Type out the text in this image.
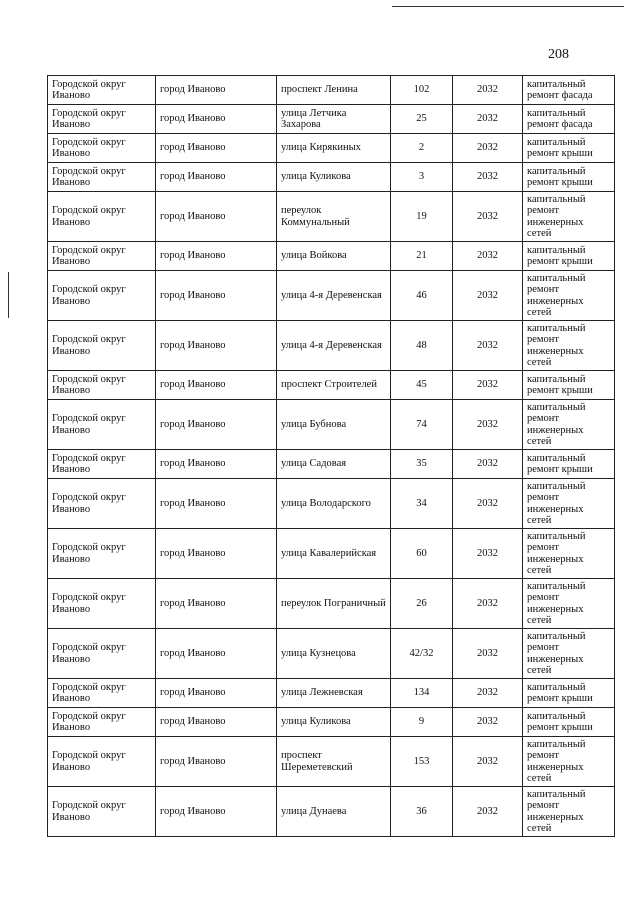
208
Городской округ Иваново	город Иваново	проспект Ленина	102	2032	капитальный ремонт фасада
Городской округ Иваново	город Иваново	улица Летчика Захарова	25	2032	капитальный ремонт фасада
Городской округ Иваново	город Иваново	улица Кирякиных	2	2032	капитальный ремонт крыши
Городской округ Иваново	город Иваново	улица Куликова	3	2032	капитальный ремонт крыши
Городской округ Иваново	город Иваново	переулок Коммунальный	19	2032	капитальный ремонт инженерных сетей
Городской округ Иваново	город Иваново	улица Войкова	21	2032	капитальный ремонт крыши
Городской округ Иваново	город Иваново	улица 4-я Деревенская	46	2032	капитальный ремонт инженерных сетей
Городской округ Иваново	город Иваново	улица 4-я Деревенская	48	2032	капитальный ремонт инженерных сетей
Городской округ Иваново	город Иваново	проспект Строителей	45	2032	капитальный ремонт крыши
Городской округ Иваново	город Иваново	улица Бубнова	74	2032	капитальный ремонт инженерных сетей
Городской округ Иваново	город Иваново	улица Садовая	35	2032	капитальный ремонт крыши
Городской округ Иваново	город Иваново	улица Володарского	34	2032	капитальный ремонт инженерных сетей
Городской округ Иваново	город Иваново	улица Кавалерийская	60	2032	капитальный ремонт инженерных сетей
Городской округ Иваново	город Иваново	переулок Пограничный	26	2032	капитальный ремонт инженерных сетей
Городской округ Иваново	город Иваново	улица Кузнецова	42/32	2032	капитальный ремонт инженерных сетей
Городской округ Иваново	город Иваново	улица Лежневская	134	2032	капитальный ремонт крыши
Городской округ Иваново	город Иваново	улица Куликова	9	2032	капитальный ремонт крыши
Городской округ Иваново	город Иваново	проспект Шереметевский	153	2032	капитальный ремонт инженерных сетей
Городской округ Иваново	город Иваново	улица Дунаева	36	2032	капитальный ремонт инженерных сетей
